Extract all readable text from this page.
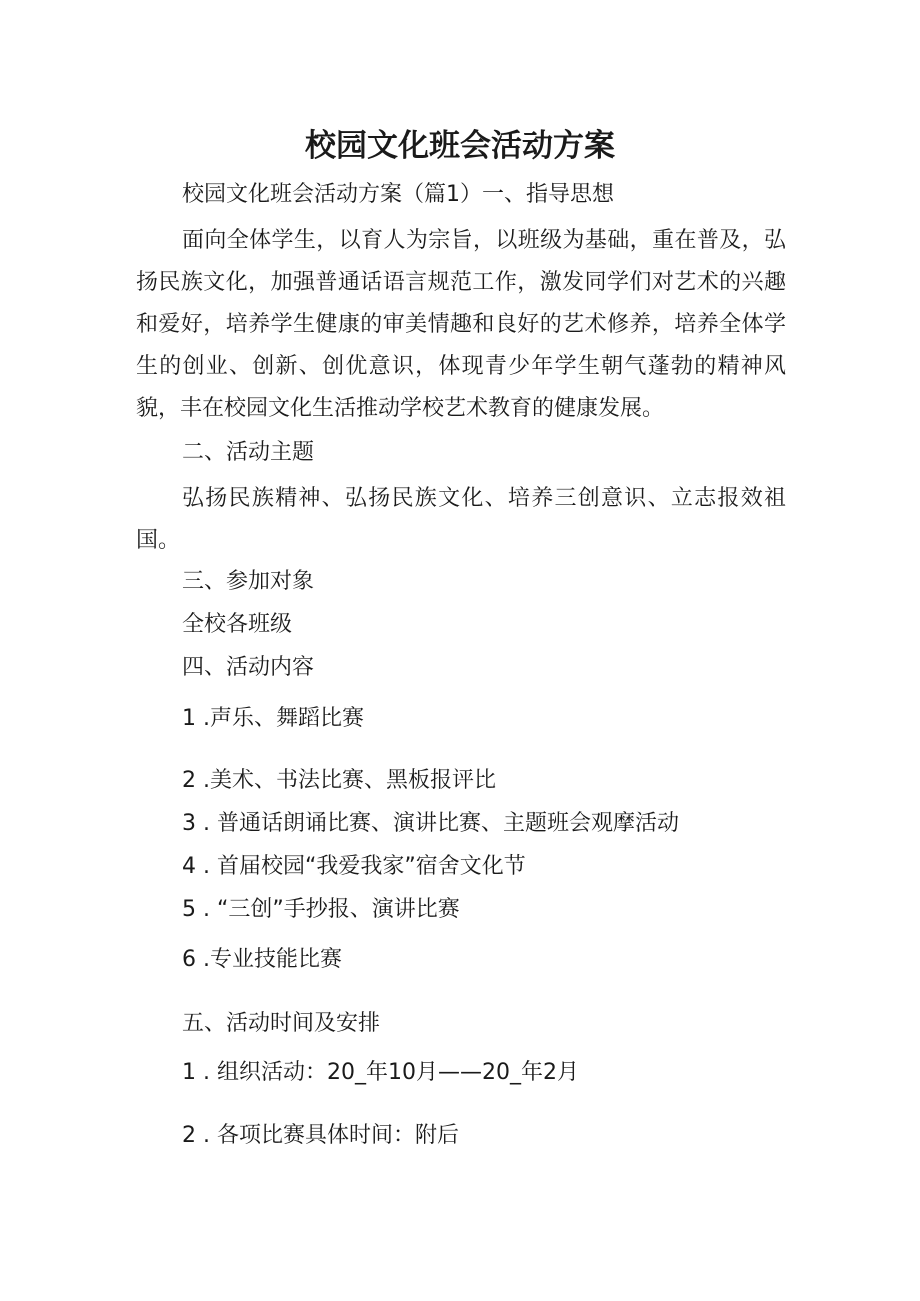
校园文化班会活动方案
校园文化班会活动方案（篇1）一、指导思想
面向全体学生，以育人为宗旨，以班级为基础，重在普及，弘扬民族文化，加强普通话语言规范工作，激发同学们对艺术的兴趣和爱好，培养学生健康的审美情趣和良好的艺术修养，培养全体学生的创业、创新、创优意识，体现青少年学生朝气蓬勃的精神风貌，丰在校园文化生活推动学校艺术教育的健康发展。
二、活动主题
弘扬民族精神、弘扬民族文化、培养三创意识、立志报效祖国。
三、参加对象
全校各班级
四、活动内容
1 .声乐、舞蹈比赛
2 .美术、书法比赛、黑板报评比
3 . 普通话朗诵比赛、演讲比赛、主题班会观摩活动
4 . 首届校园“我爱我家”宿舍文化节
5 . “三创”手抄报、演讲比赛
6 .专业技能比赛
五、活动时间及安排
1 . 组织活动：20_年10月——20_年2月
2 . 各项比赛具体时间：附后
